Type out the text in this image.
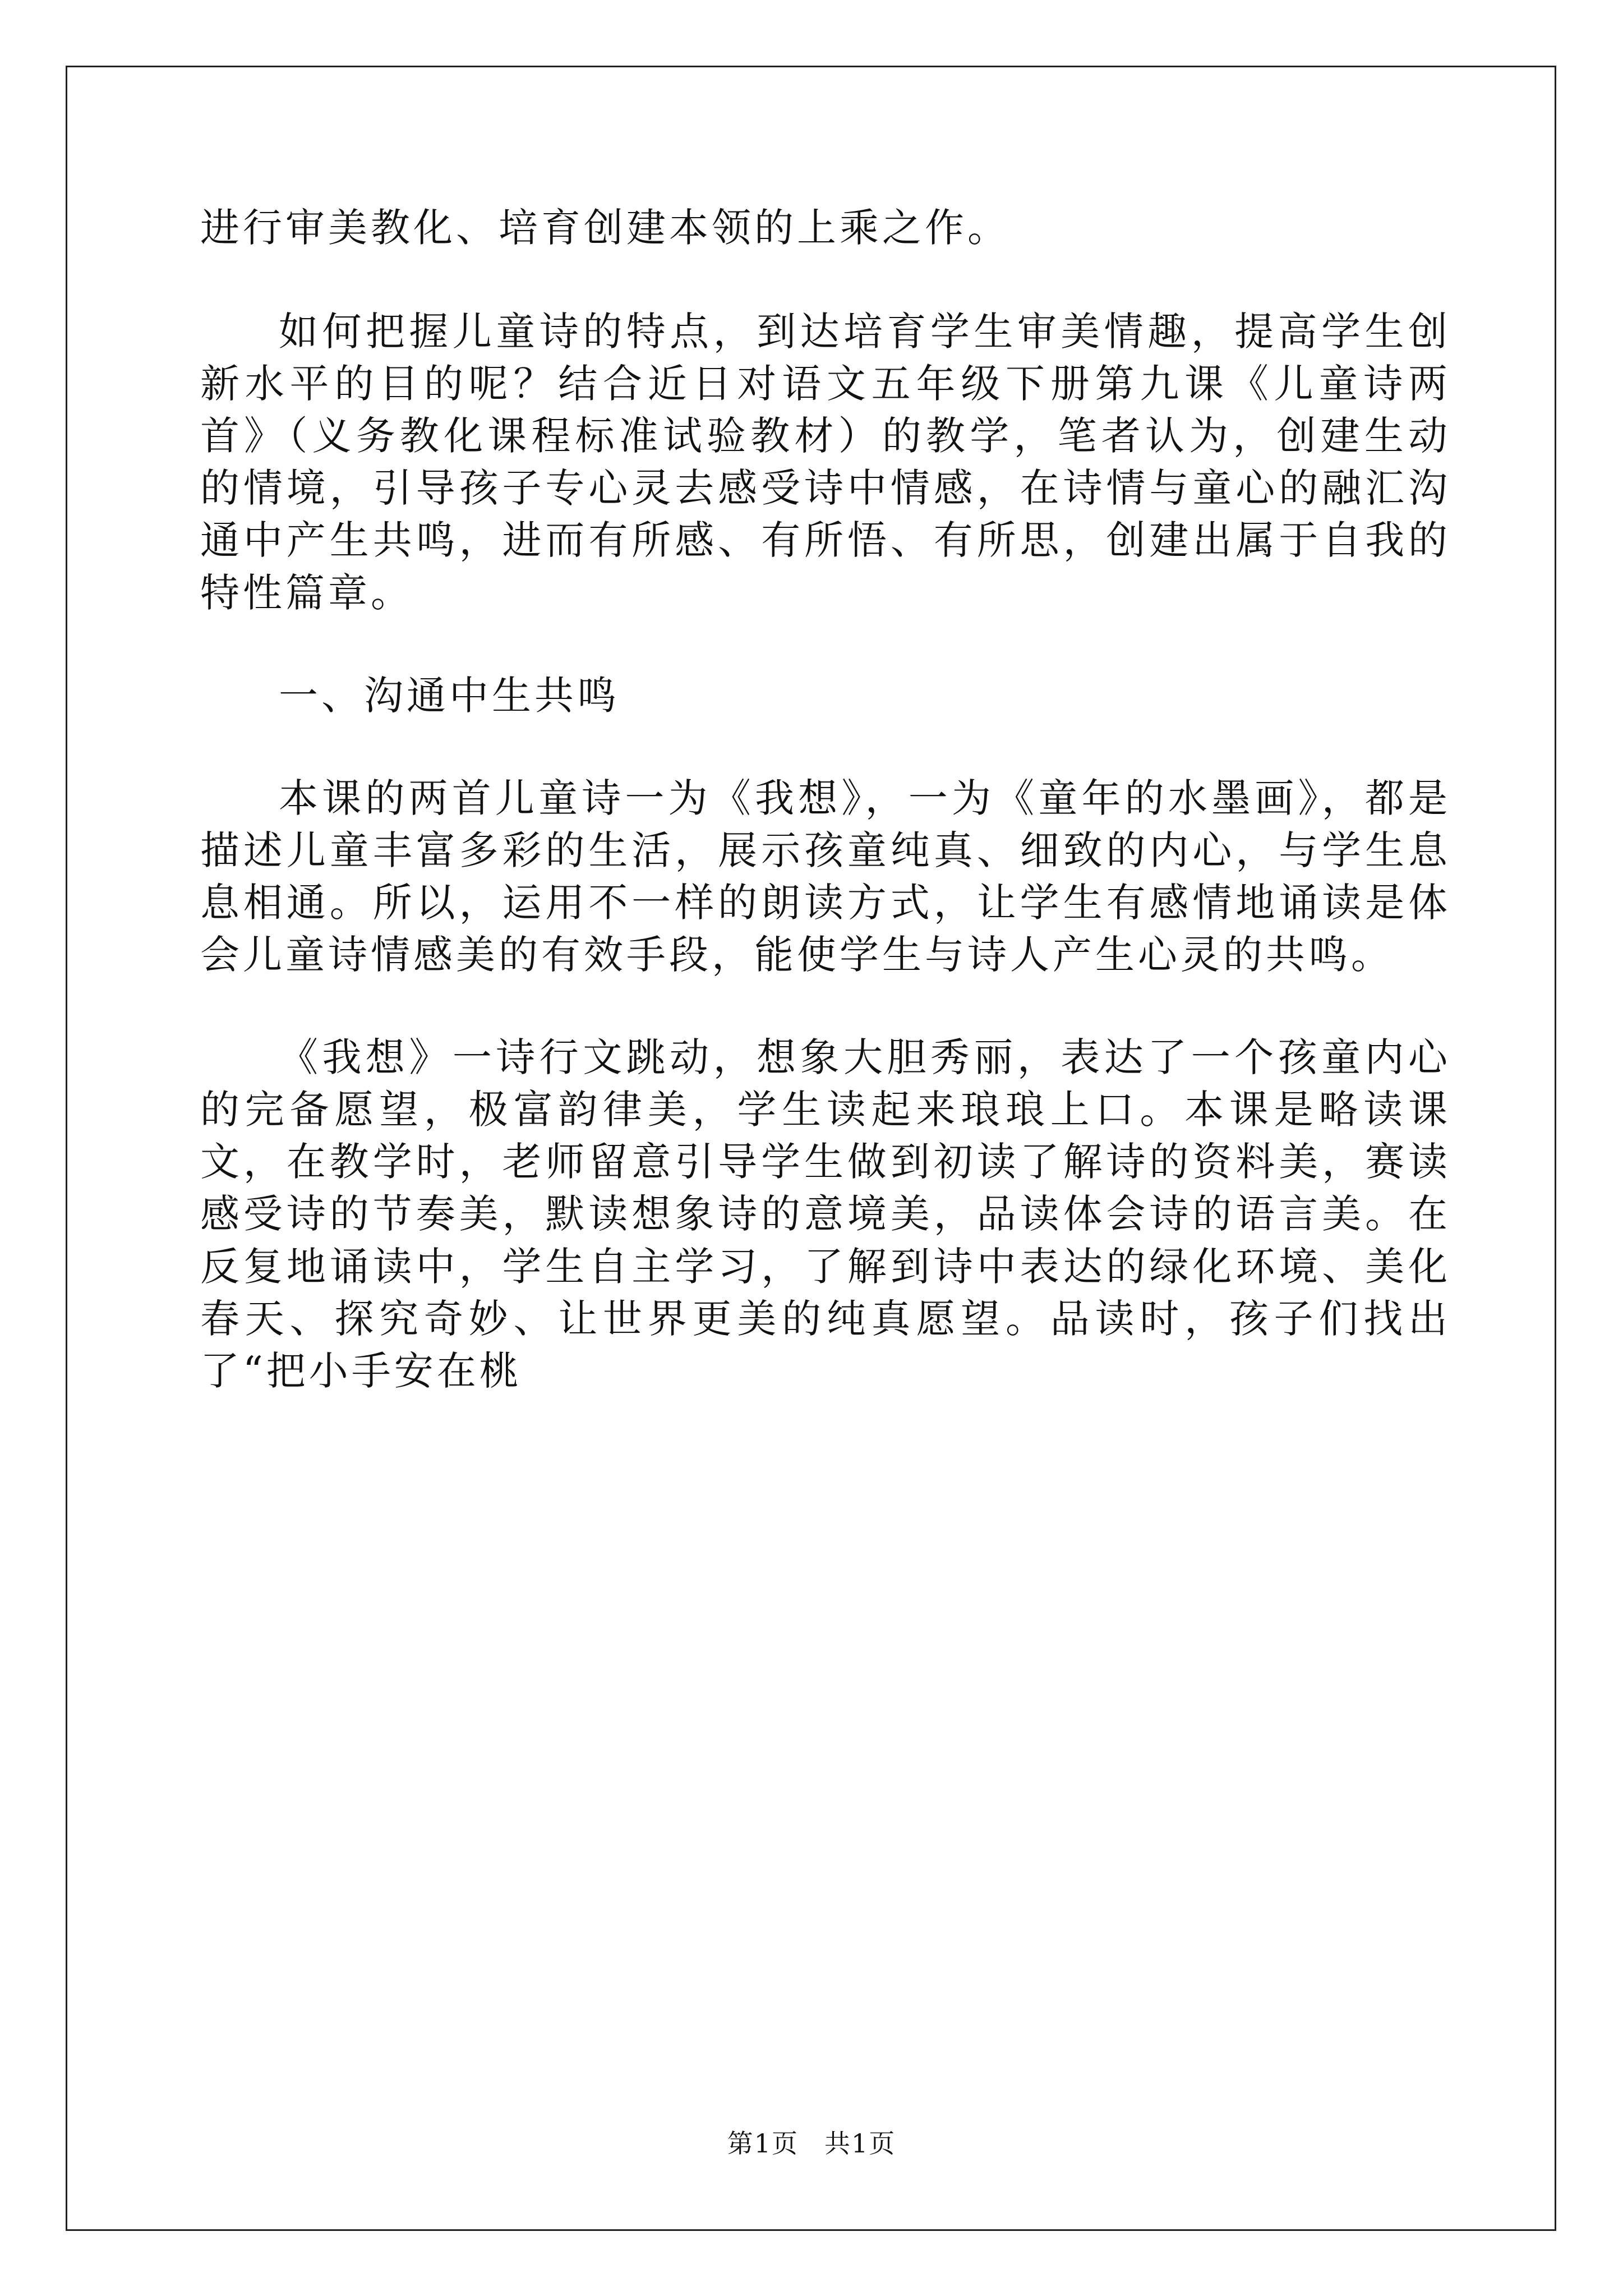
进行审美教化、培育创建本领的上乘之作。

如何把握儿童诗的特点，到达培育学生审美情趣，提高学生创新水平的目的呢？结合近日对语文五年级下册第九课《儿童诗两首》（义务教化课程标准试验教材）的教学，笔者认为，创建生动的情境，引导孩子专心灵去感受诗中情感，在诗情与童心的融汇沟通中产生共鸣，进而有所感、有所悟、有所思，创建出属于自我的特性篇章。

一、沟通中生共鸣

本课的两首儿童诗一为《我想》，一为《童年的水墨画》，都是描述儿童丰富多彩的生活，展示孩童纯真、细致的内心，与学生息息相通。所以，运用不一样的朗读方式，让学生有感情地诵读是体会儿童诗情感美的有效手段，能使学生与诗人产生心灵的共鸣。

《我想》一诗行文跳动，想象大胆秀丽，表达了一个孩童内心的完备愿望，极富韵律美，学生读起来琅琅上口。本课是略读课文，在教学时，老师留意引导学生做到初读了解诗的资料美，赛读感受诗的节奏美，默读想象诗的意境美，品读体会诗的语言美。在反复地诵读中，学生自主学习，了解到诗中表达的绿化环境、美化春天、探究奇妙、让世界更美的纯真愿望。品读时，孩子们找出了“把小手安在桃

第1页 共1页
